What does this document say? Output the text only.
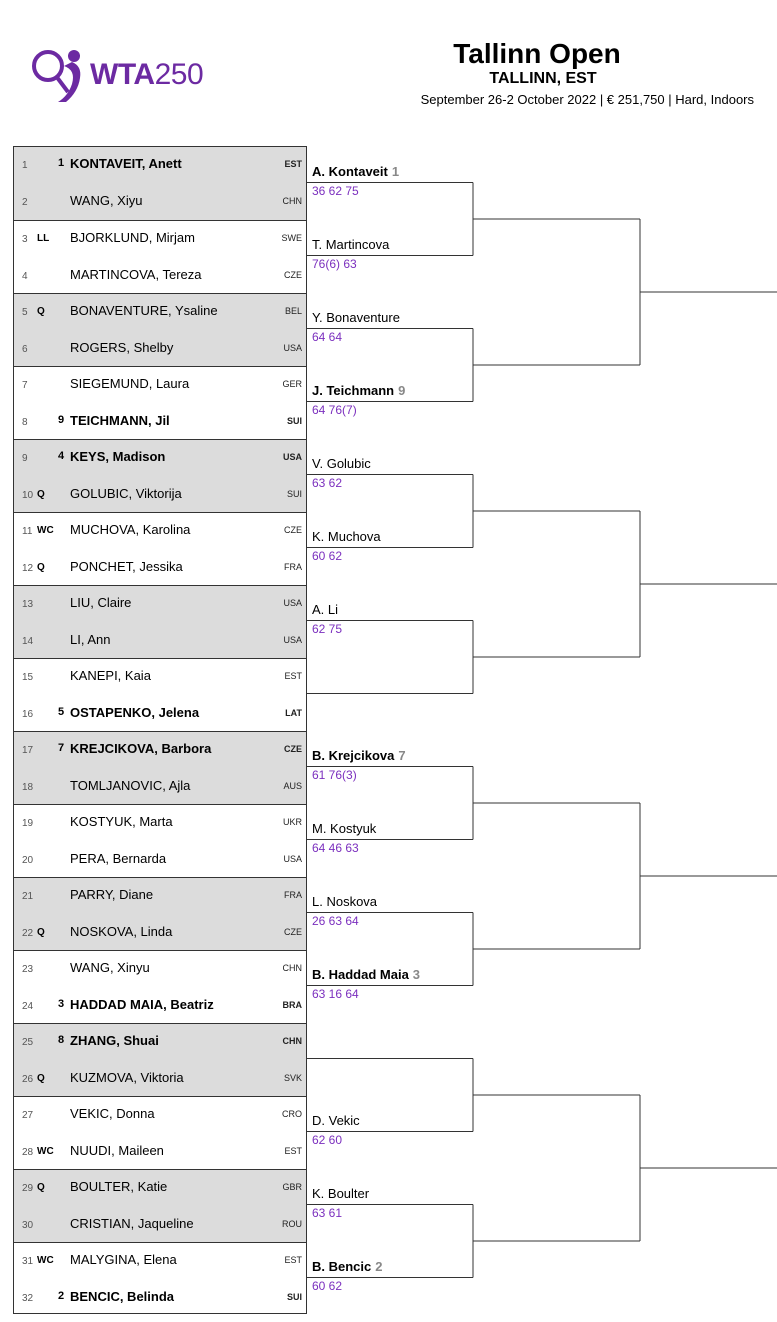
WTA250
Tallinn Open
TALLINN, EST
September 26-2 October 2022 | € 251,750 | Hard, Indoors
1	1 KONTAVEIT, Anett	EST
2	WANG, Xiyu	CHN
3 LL BJORKLUND, Mirjam	SWE
4	MARTINCOVA, Tereza	CZE
5 Q BONAVENTURE, Ysaline	BEL
6	ROGERS, Shelby	USA
7	SIEGEMUND, Laura	GER
8	9 TEICHMANN, Jil	SUI
9	4 KEYS, Madison	USA
10 Q GOLUBIC, Viktorija	SUI
11 WC MUCHOVA, Karolina	CZE
12 Q PONCHET, Jessika	FRA
13	LIU, Claire	USA
14	LI, Ann	USA
15	KANEPI, Kaia	EST
16 5 OSTAPENKO, Jelena	LAT
17 7 KREJCIKOVA, Barbora	CZE
18	TOMLJANOVIC, Ajla	AUS
19	KOSTYUK, Marta	UKR
20	PERA, Bernarda	USA
21	PARRY, Diane	FRA
22 Q NOSKOVA, Linda	CZE
23	WANG, Xinyu	CHN
24 3 HADDAD MAIA, Beatriz	BRA
25 8 ZHANG, Shuai	CHN
26 Q KUZMOVA, Viktoria	SVK
27	VEKIC, Donna	CRO
28 WC NUUDI, Maileen	EST
29 Q BOULTER, Katie	GBR
30	CRISTIAN, Jaqueline	ROU
31 WC MALYGINA, Elena	EST
32 2 BENCIC, Belinda	SUI
A. Kontaveit 1
36 62 75
T. Martincova
76(6) 63
Y. Bonaventure
64 64
J. Teichmann 9
64 76(7)
V. Golubic
63 62
K. Muchova
60 62
A. Li
62 75
B. Krejcikova 7
61 76(3)
M. Kostyuk
64 46 63
L. Noskova
26 63 64
B. Haddad Maia 3
63 16 64
D. Vekic
62 60
K. Boulter
63 61
B. Bencic 2
60 62
